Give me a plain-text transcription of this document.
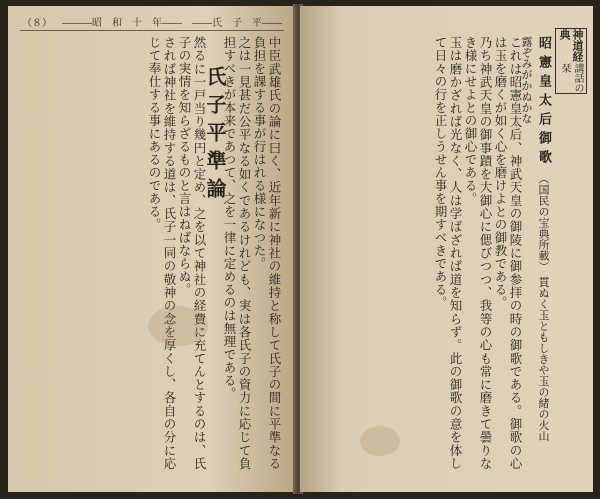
（８） ―――昭　和　十　年―― ――氏　子　平――

中臣武雄氏の論に曰く、近年新に神社の維持と称して氏子の間に平準なる負担を課する事が行はれる様になつた。

之は一見甚だ公平なる如くであるけれども、実は各氏子の資力に応じて負担すべきが本来であつて、之を一律に定めるのは無理である。

氏子平準論

然るに一戸当り幾円と定め、之を以て神社の経費に充てんとするのは、氏子の実情を知らざるものと言はねばならぬ。

されば神社を維持する道は、氏子一同の敬神の念を厚くし、各自の分に応じて奉仕する事にあるのである。	神道経典
講話の栞
昭憲皇太后御歌 （国民の宝典所載） 貫ぬく玉ともしきや玉の緒の火山　露ぞみがかぬかな

これは昭憲皇太后、神武天皇の御陵に御参拝の時の御歌である。御歌の心は玉を磨くが如く心を磨けよとの御教である。

乃ち神武天皇の御事蹟を大御心に偲びつつ、我等の心も常に磨きて曇りなき様にせよとの御心である。

玉は磨かざれば光なく、人は学ばざれば道を知らず。此の御歌の意を体して日々の行を正しうせん事を期すべきである。
